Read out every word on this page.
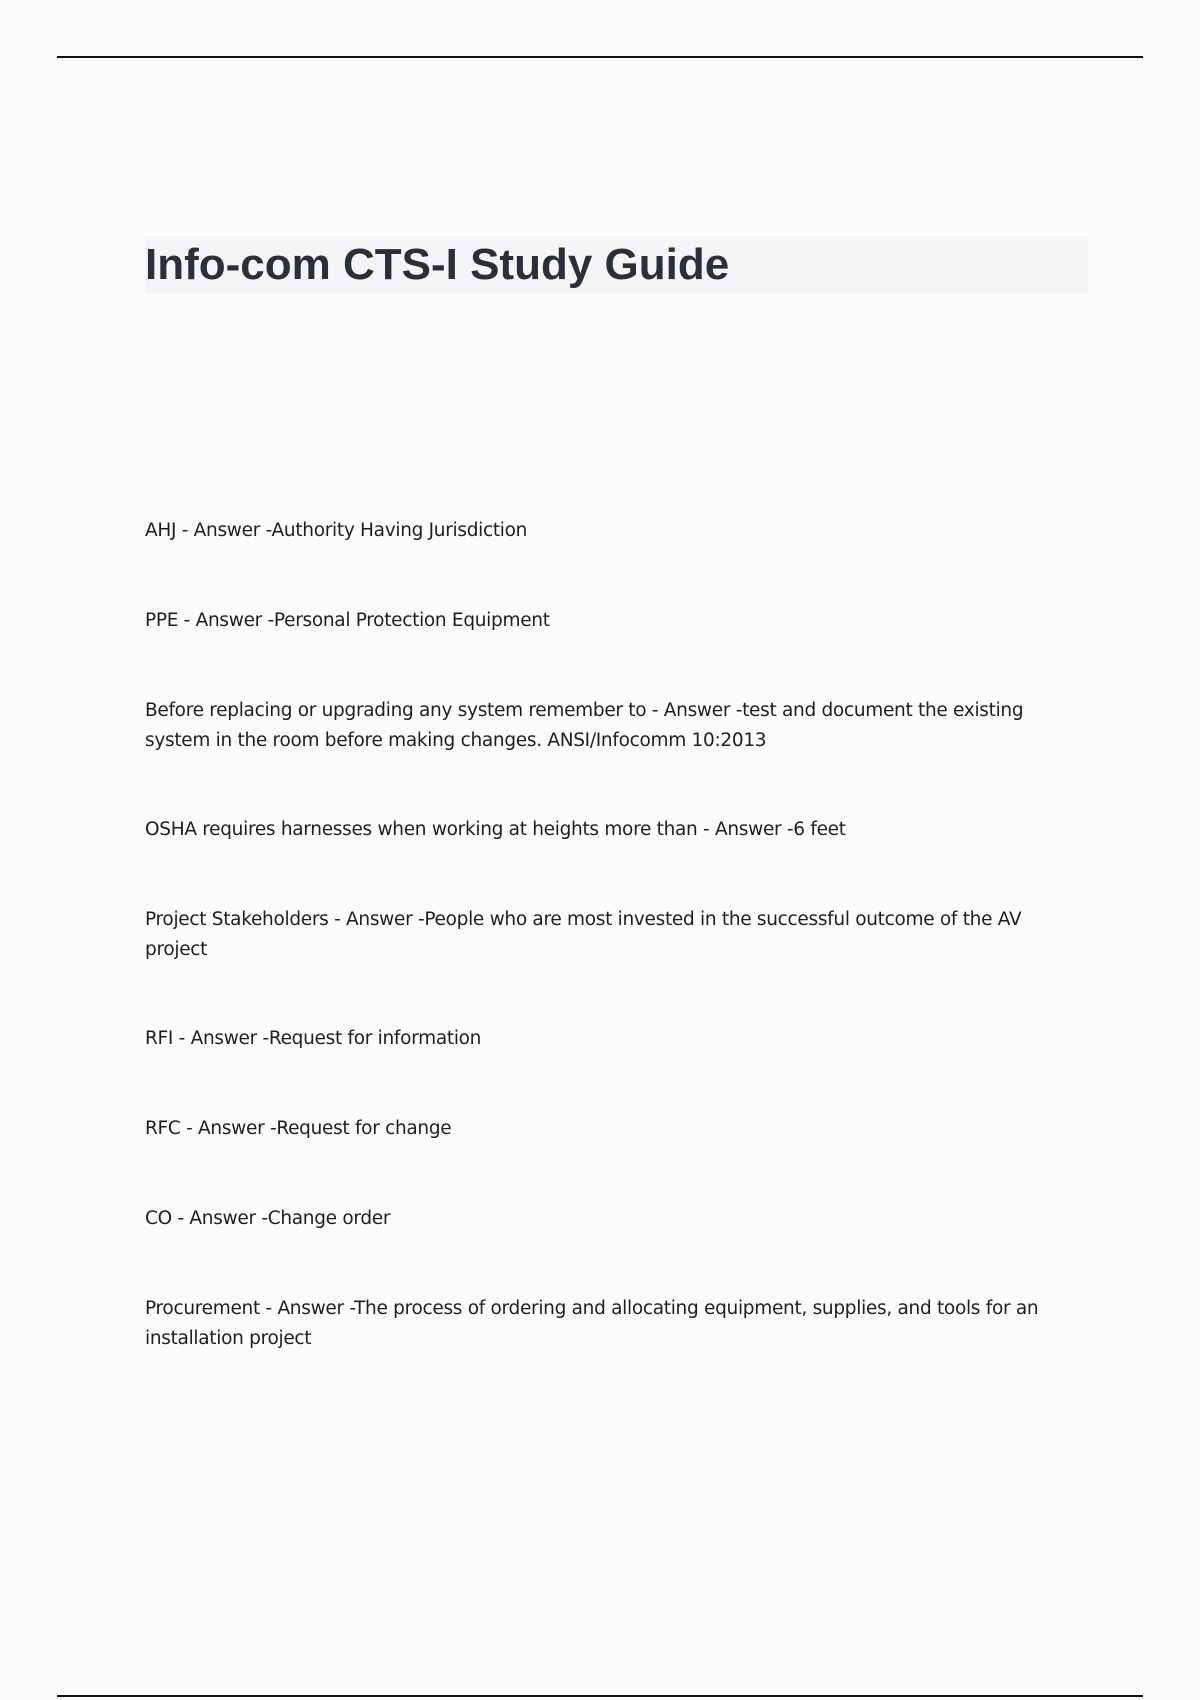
Info-com CTS-I Study Guide
AHJ - Answer -Authority Having Jurisdiction
PPE - Answer -Personal Protection Equipment
Before replacing or upgrading any system remember to - Answer -test and document the existing system in the room before making changes. ANSI/Infocomm 10:2013
OSHA requires harnesses when working at heights more than - Answer -6 feet
Project Stakeholders - Answer -People who are most invested in the successful outcome of the AV project
RFI - Answer -Request for information
RFC - Answer -Request for change
CO - Answer -Change order
Procurement - Answer -The process of ordering and allocating equipment, supplies, and tools for an installation project
